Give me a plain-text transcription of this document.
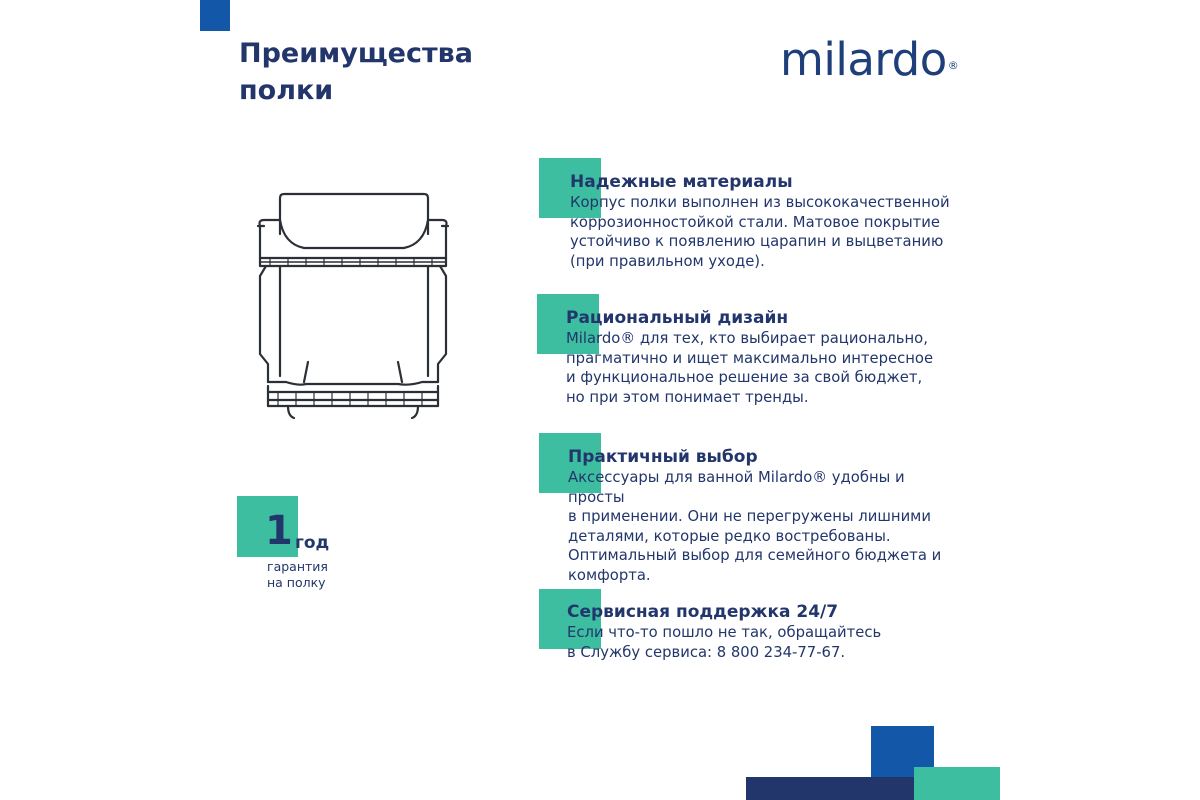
Преимущества
полки
milardo®
1 год
гарантия
на полку
Надежные материалы

Корпус полки выполнен из высококачественной
коррозионностойкой стали. Матовое покрытие
устойчиво к появлению царапин и выцветанию
(при правильном уходе).

Рациональный дизайн

Milardo® для тех, кто выбирает рационально,
прагматично и ищет максимально интересное
и функциональное решение за свой бюджет,
но при этом понимает тренды.

Практичный выбор

Аксессуары для ванной Milardo® удобны и просты
в применении. Они не перегружены лишними
деталями, которые редко востребованы.
Оптимальный выбор для семейного бюджета и
комфорта.

Сервисная поддержка 24/7

Если что-то пошло не так, обращайтесь
в Службу сервиса: 8 800 234-77-67.
